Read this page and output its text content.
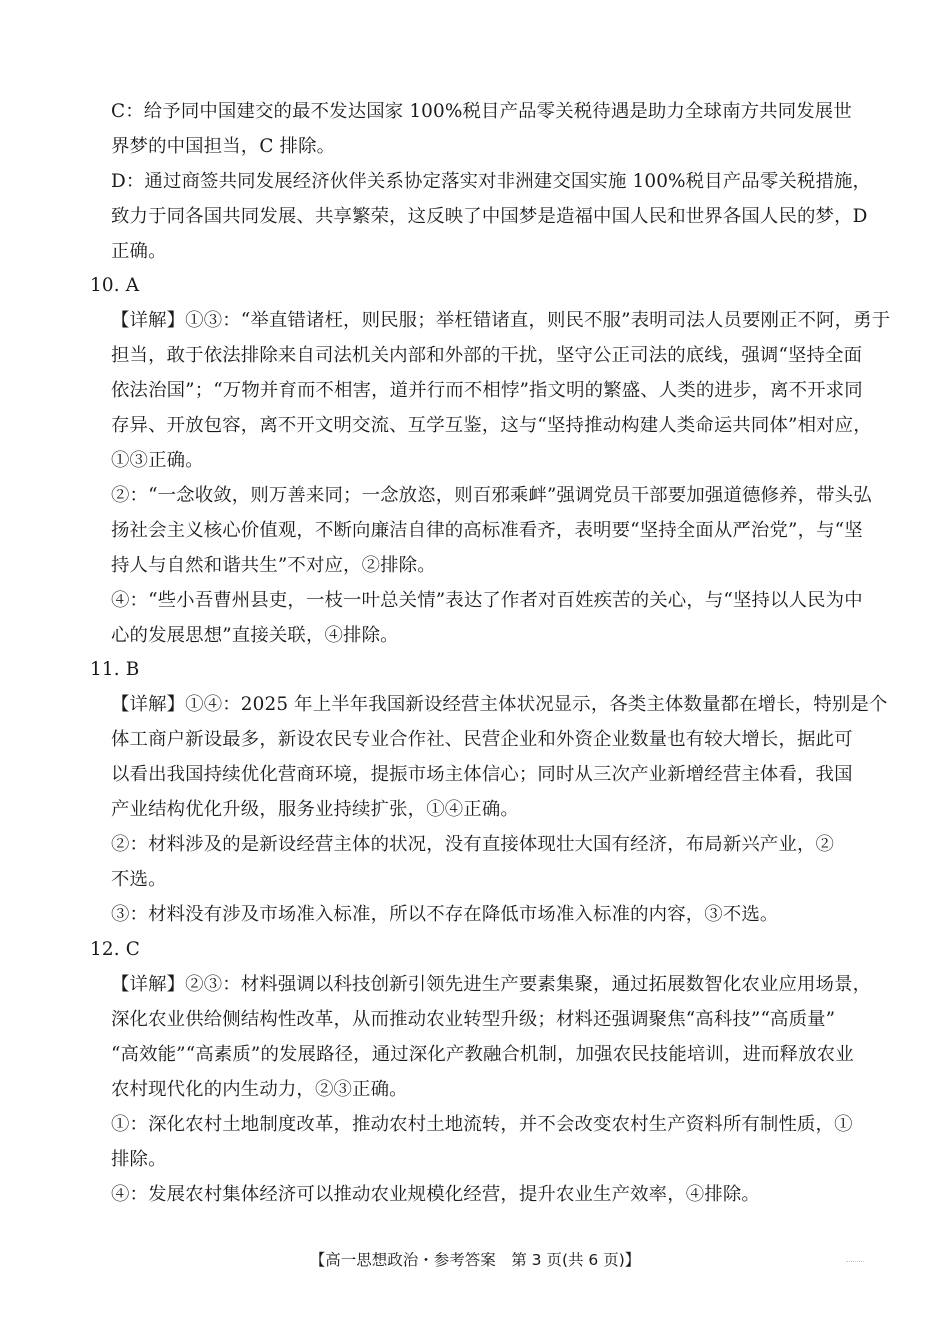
C：给予同中国建交的最不发达国家 100%税目产品零关税待遇是助力全球南方共同发展世
界梦的中国担当，C 排除。
D：通过商签共同发展经济伙伴关系协定落实对非洲建交国实施 100%税目产品零关税措施，
致力于同各国共同发展、共享繁荣，这反映了中国梦是造福中国人民和世界各国人民的梦，D
正确。
10. A
【详解】①③：“举直错诸枉，则民服；举枉错诸直，则民不服”表明司法人员要刚正不阿，勇于
担当，敢于依法排除来自司法机关内部和外部的干扰，坚守公正司法的底线，强调“坚持全面
依法治国”；“万物并育而不相害，道并行而不相悖”指文明的繁盛、人类的进步，离不开求同
存异、开放包容，离不开文明交流、互学互鉴，这与“坚持推动构建人类命运共同体”相对应，
①③正确。
②：“一念收敛，则万善来同；一念放恣，则百邪乘衅”强调党员干部要加强道德修养，带头弘
扬社会主义核心价值观，不断向廉洁自律的高标准看齐，表明要“坚持全面从严治党”，与“坚
持人与自然和谐共生”不对应，②排除。
④：“些小吾曹州县吏，一枝一叶总关情”表达了作者对百姓疾苦的关心，与“坚持以人民为中
心的发展思想”直接关联，④排除。
11. B
【详解】①④：2025 年上半年我国新设经营主体状况显示，各类主体数量都在增长，特别是个
体工商户新设最多，新设农民专业合作社、民营企业和外资企业数量也有较大增长，据此可
以看出我国持续优化营商环境，提振市场主体信心；同时从三次产业新增经营主体看，我国
产业结构优化升级，服务业持续扩张，①④正确。
②：材料涉及的是新设经营主体的状况，没有直接体现壮大国有经济，布局新兴产业，②
不选。
③：材料没有涉及市场准入标准，所以不存在降低市场准入标准的内容，③不选。
12. C
【详解】②③：材料强调以科技创新引领先进生产要素集聚，通过拓展数智化农业应用场景，
深化农业供给侧结构性改革，从而推动农业转型升级；材料还强调聚焦“高科技”“高质量”
“高效能”“高素质”的发展路径，通过深化产教融合机制，加强农民技能培训，进而释放农业
农村现代化的内生动力，②③正确。
①：深化农村土地制度改革，推动农村土地流转，并不会改变农村生产资料所有制性质，①
排除。
④：发展农村集体经济可以推动农业规模化经营，提升农业生产效率，④排除。
【高一思想政治・参考答案　第 3 页(共 6 页)】
